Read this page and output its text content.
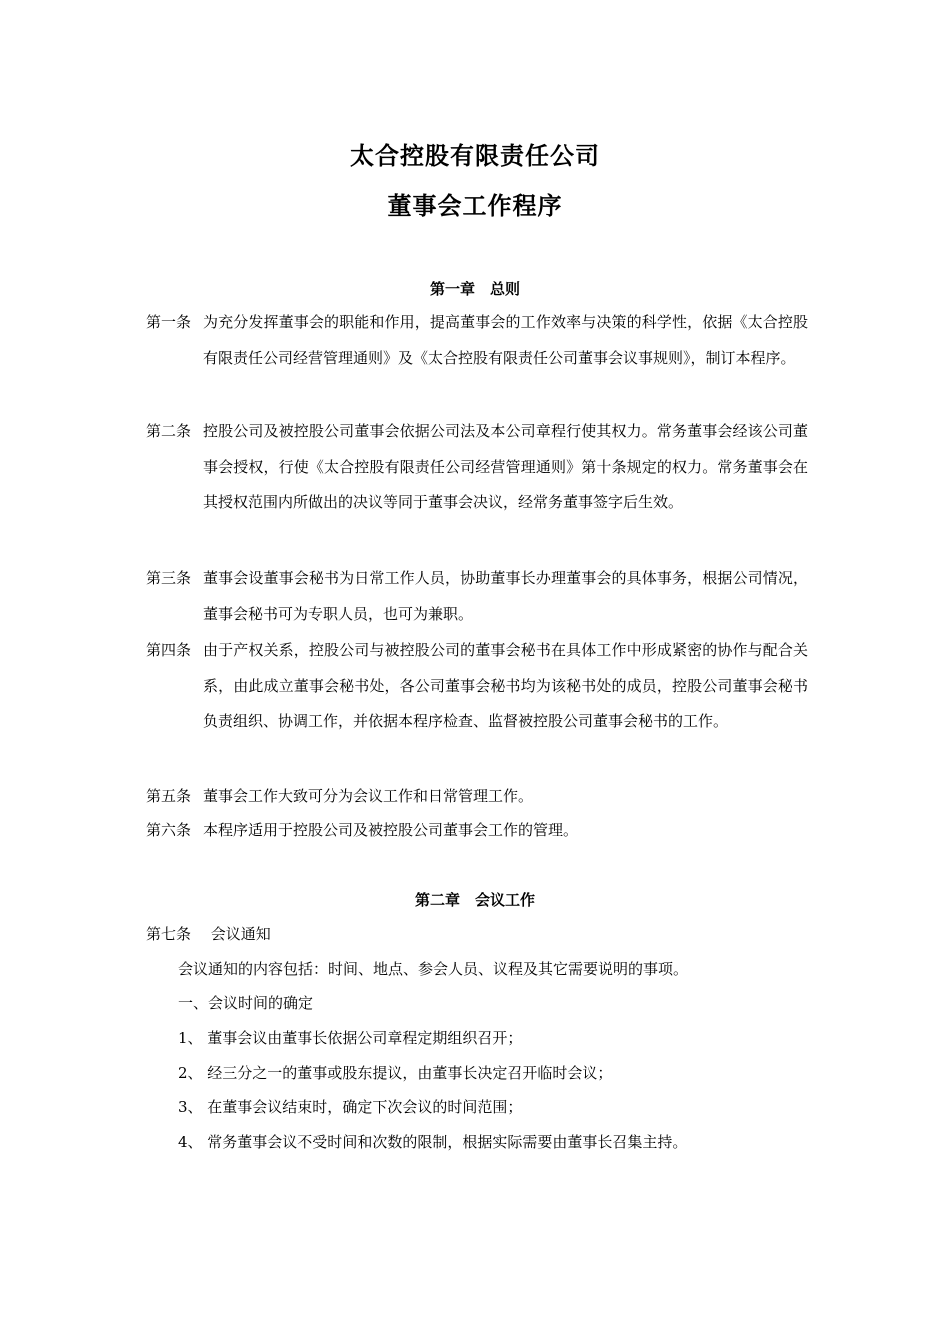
太合控股有限责任公司
董事会工作程序
第一章　总则
第一条 为充分发挥董事会的职能和作用，提高董事会的工作效率与决策的科学性，依据《太合控股有限责任公司经营管理通则》及《太合控股有限责任公司董事会议事规则》，制订本程序。
第二条 控股公司及被控股公司董事会依据公司法及本公司章程行使其权力。常务董事会经该公司董事会授权，行使《太合控股有限责任公司经营管理通则》第十条规定的权力。常务董事会在其授权范围内所做出的决议等同于董事会决议，经常务董事签字后生效。
第三条 董事会设董事会秘书为日常工作人员，协助董事长办理董事会的具体事务，根据公司情况，董事会秘书可为专职人员，也可为兼职。
第四条 由于产权关系，控股公司与被控股公司的董事会秘书在具体工作中形成紧密的协作与配合关系，由此成立董事会秘书处，各公司董事会秘书均为该秘书处的成员，控股公司董事会秘书负责组织、协调工作，并依据本程序检查、监督被控股公司董事会秘书的工作。
第五条 董事会工作大致可分为会议工作和日常管理工作。
第六条 本程序适用于控股公司及被控股公司董事会工作的管理。
第二章　会议工作
第七条　 会议通知
会议通知的内容包括：时间、地点、参会人员、议程及其它需要说明的事项。
一、会议时间的确定
1、 董事会议由董事长依据公司章程定期组织召开；
2、 经三分之一的董事或股东提议，由董事长决定召开临时会议；
3、 在董事会议结束时，确定下次会议的时间范围；
4、 常务董事会议不受时间和次数的限制，根据实际需要由董事长召集主持。
